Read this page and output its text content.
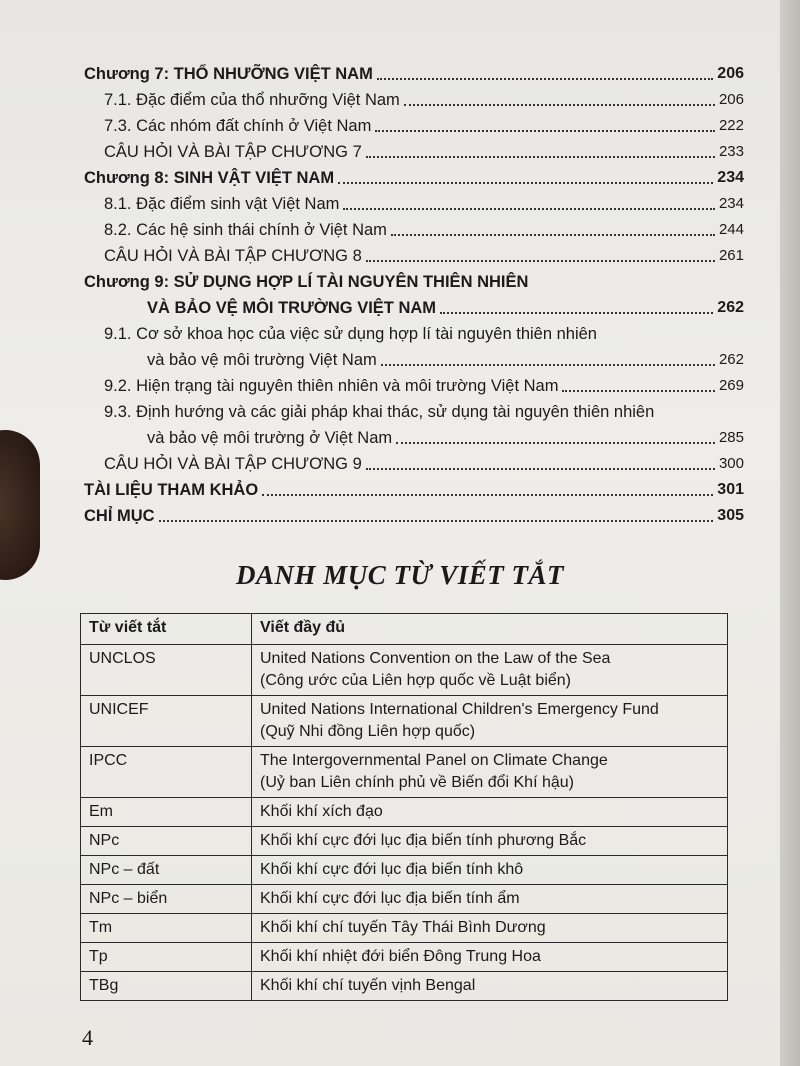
Chương 7: THỔ NHƯỠNG VIỆT NAM	206
7.1. Đặc điểm của thổ nhưỡng Việt Nam	206
7.3. Các nhóm đất chính ở Việt Nam	222
CÂU HỎI VÀ BÀI TẬP CHƯƠNG 7	233
Chương 8: SINH VẬT VIỆT NAM	234
8.1. Đặc điểm sinh vật Việt Nam	234
8.2. Các hệ sinh thái chính ở Việt Nam	244
CÂU HỎI VÀ BÀI TẬP CHƯƠNG 8	261
Chương 9: SỬ DỤNG HỢP LÍ TÀI NGUYÊN THIÊN NHIÊN
VÀ BẢO VỆ MÔI TRƯỜNG VIỆT NAM	262
9.1. Cơ sở khoa học của việc sử dụng hợp lí tài nguyên thiên nhiên
và bảo vệ môi trường Việt Nam	262
9.2. Hiện trạng tài nguyên thiên nhiên và môi trường Việt Nam	269
9.3. Định hướng và các giải pháp khai thác, sử dụng tài nguyên thiên nhiên
và bảo vệ môi trường ở Việt Nam	285
CÂU HỎI VÀ BÀI TẬP CHƯƠNG 9	300
TÀI LIỆU THAM KHẢO	301
CHỈ MỤC	305
DANH MỤC TỪ VIẾT TẮT
Từ viết tắt	Viết đầy đủ
UNCLOS	United Nations Convention on the Law of the Sea
(Công ước của Liên hợp quốc về Luật biển)

UNICEF	United Nations International Children's Emergency Fund
(Quỹ Nhi đồng Liên hợp quốc)

IPCC	The Intergovernmental Panel on Climate Change
(Uỷ ban Liên chính phủ về Biến đổi Khí hậu)

Em	Khối khí xích đạo

NPc	Khối khí cực đới lục địa biến tính phương Bắc

NPc – đất	Khối khí cực đới lục địa biến tính khô

NPc – biển	Khối khí cực đới lục địa biến tính ẩm

Tm	Khối khí chí tuyến Tây Thái Bình Dương

Tp	Khối khí nhiệt đới biển Đông Trung Hoa

TBg	Khối khí chí tuyến vịnh Bengal
4
